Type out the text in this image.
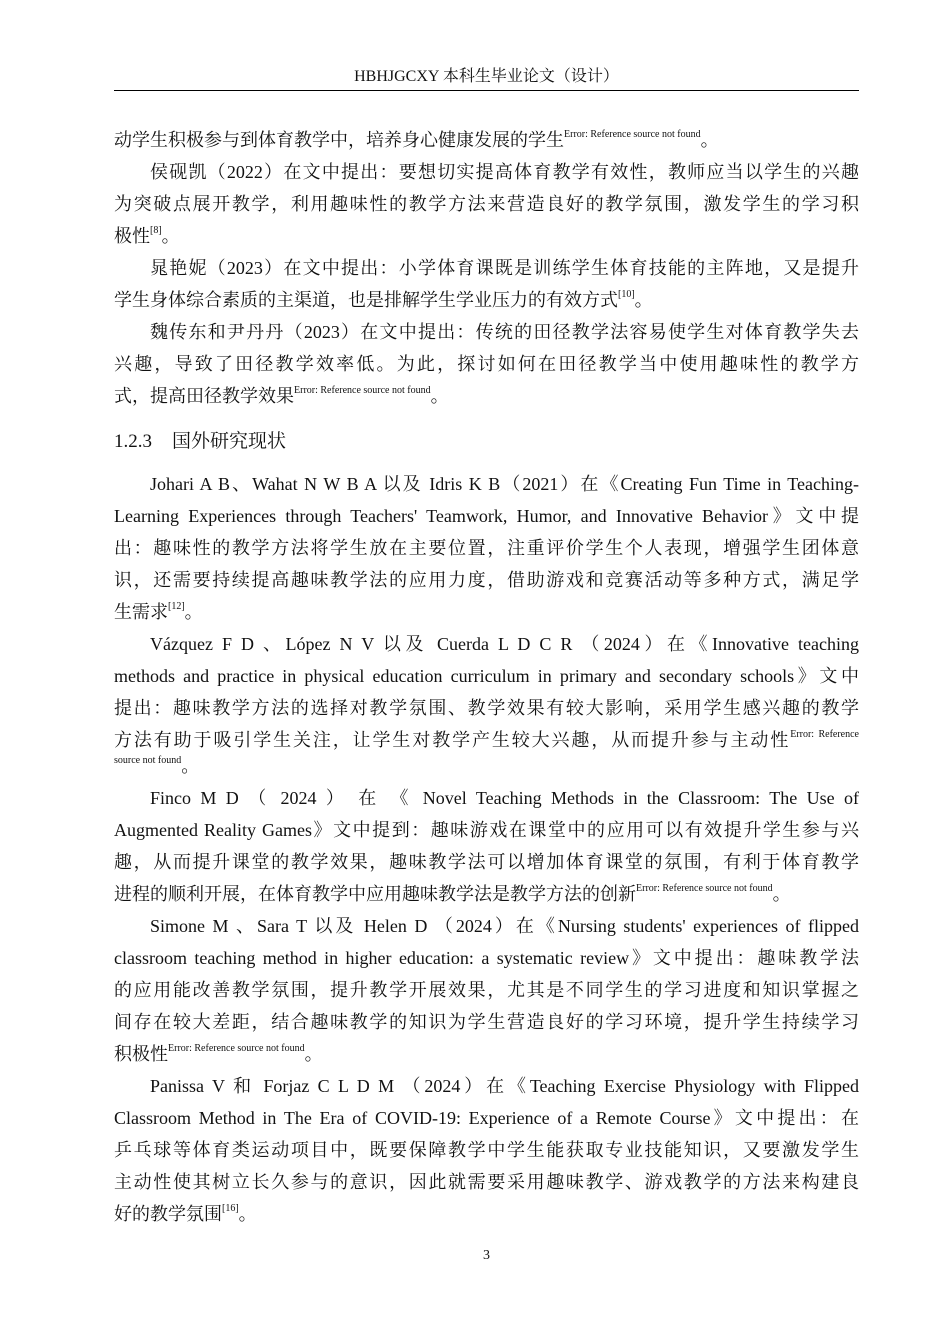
HBHJGCXY 本科生毕业论文（设计）
动学生积极参与到体育教学中，培养身心健康发展的学生$^{Error: Reference source not found}$。
侯砚凯（2022）在文中提出：要想切实提高体育教学有效性，教师应当以学生的兴趣
为突破点展开教学，利用趣味性的教学方法来营造良好的教学氛围，激发学生的学习积
极性[8]。
晁艳妮（2023）在文中提出：小学体育课既是训练学生体育技能的主阵地，又是提升
学生身体综合素质的主渠道，也是排解学生学业压力的有效方式[10]。
魏传东和尹丹丹（2023）在文中提出：传统的田径教学法容易使学生对体育教学失去
兴趣，导致了田径教学效率低。为此，探讨如何在田径教学当中使用趣味性的教学方
式，提高田径教学效果$^{Error: Reference source not found}$。
1.2.3 国外研究现状
Johari A B、Wahat N W B A 以及 Idris K B（2021）在《Creating Fun Time in Teaching-
Learning Experiences through Teachers' Teamwork, Humor, and Innovative Behavior》文中提
出：趣味性的教学方法将学生放在主要位置，注重评价学生个人表现，增强学生团体意
识，还需要持续提高趣味教学法的应用力度，借助游戏和竞赛活动等多种方式，满足学
生需求[12]。
Vázquez F D 、López N V 以及 Cuerda L D C R （2024）在《Innovative teaching
methods and practice in physical education curriculum in primary and secondary schools》文中
提出：趣味教学方法的选择对教学氛围、教学效果有较大影响，采用学生感兴趣的教学
方法有助于吸引学生关注，让学生对教学产生较大兴趣，从而提升参与主动性$^{Error: Reference}$
$^{source not found}$。
Finco M D （ 2024 ） 在 《 Novel Teaching Methods in the Classroom: The Use of
Augmented Reality Games》文中提到：趣味游戏在课堂中的应用可以有效提升学生参与兴
趣，从而提升课堂的教学效果，趣味教学法可以增加体育课堂的氛围，有利于体育教学
进程的顺利开展，在体育教学中应用趣味教学法是教学方法的创新$^{Error: Reference source not found}$。
Simone M 、Sara T 以及 Helen D （2024）在《Nursing students' experiences of flipped
classroom teaching method in higher education: a systematic review》文中提出：趣味教学法
的应用能改善教学氛围，提升教学开展效果，尤其是不同学生的学习进度和知识掌握之
间存在较大差距，结合趣味教学的知识为学生营造良好的学习环境，提升学生持续学习
积极性$^{Error: Reference source not found}$。
Panissa V 和 Forjaz C L D M （2024）在《Teaching Exercise Physiology with Flipped
Classroom Method in The Era of COVID-19: Experience of a Remote Course》文中提出：在
乒乓球等体育类运动项目中，既要保障教学中学生能获取专业技能知识，又要激发学生
主动性使其树立长久参与的意识，因此就需要采用趣味教学、游戏教学的方法来构建良
好的教学氛围[16]。
3
